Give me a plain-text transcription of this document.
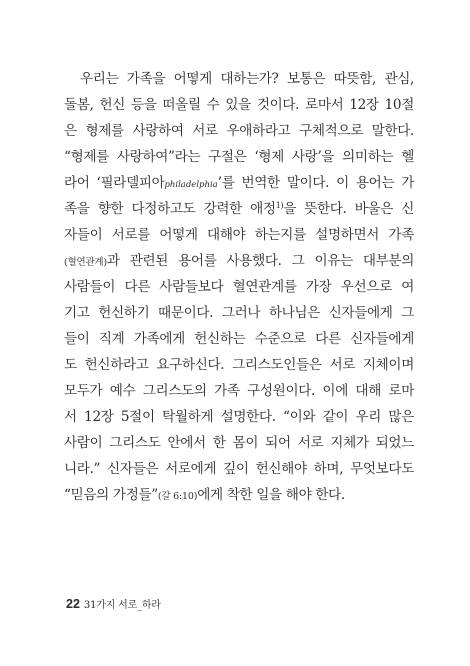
우리는 가족을 어떻게 대하는가? 보통은 따뜻함, 관심,
돌봄, 헌신 등을 떠올릴 수 있을 것이다. 로마서 12장 10절
은 형제를 사랑하여 서로 우애하라고 구체적으로 말한다.
“형제를 사랑하여”라는 구절은 ‘형제 사랑’을 의미하는 헬
라어 ‘필라델피아philadelphia’를 번역한 말이다. 이 용어는 가
족을 향한 다정하고도 강력한 애정$^{1)}$을 뜻한다. 바울은 신
자들이 서로를 어떻게 대해야 하는지를 설명하면서 가족
(혈연관계)과 관련된 용어를 사용했다. 그 이유는 대부분의
사람들이 다른 사람들보다 혈연관계를 가장 우선으로 여
기고 헌신하기 때문이다. 그러나 하나님은 신자들에게 그
들이 직계 가족에게 헌신하는 수준으로 다른 신자들에게
도 헌신하라고 요구하신다. 그리스도인들은 서로 지체이며
모두가 예수 그리스도의 가족 구성원이다. 이에 대해 로마
서 12장 5절이 탁월하게 설명한다. “이와 같이 우리 많은
사람이 그리스도 안에서 한 몸이 되어 서로 지체가 되었느
니라.” 신자들은 서로에게 깊이 헌신해야 하며, 무엇보다도
“믿음의 가정들”(갈 6:10)에게 착한 일을 해야 한다.
22 31가지 서로_하라
